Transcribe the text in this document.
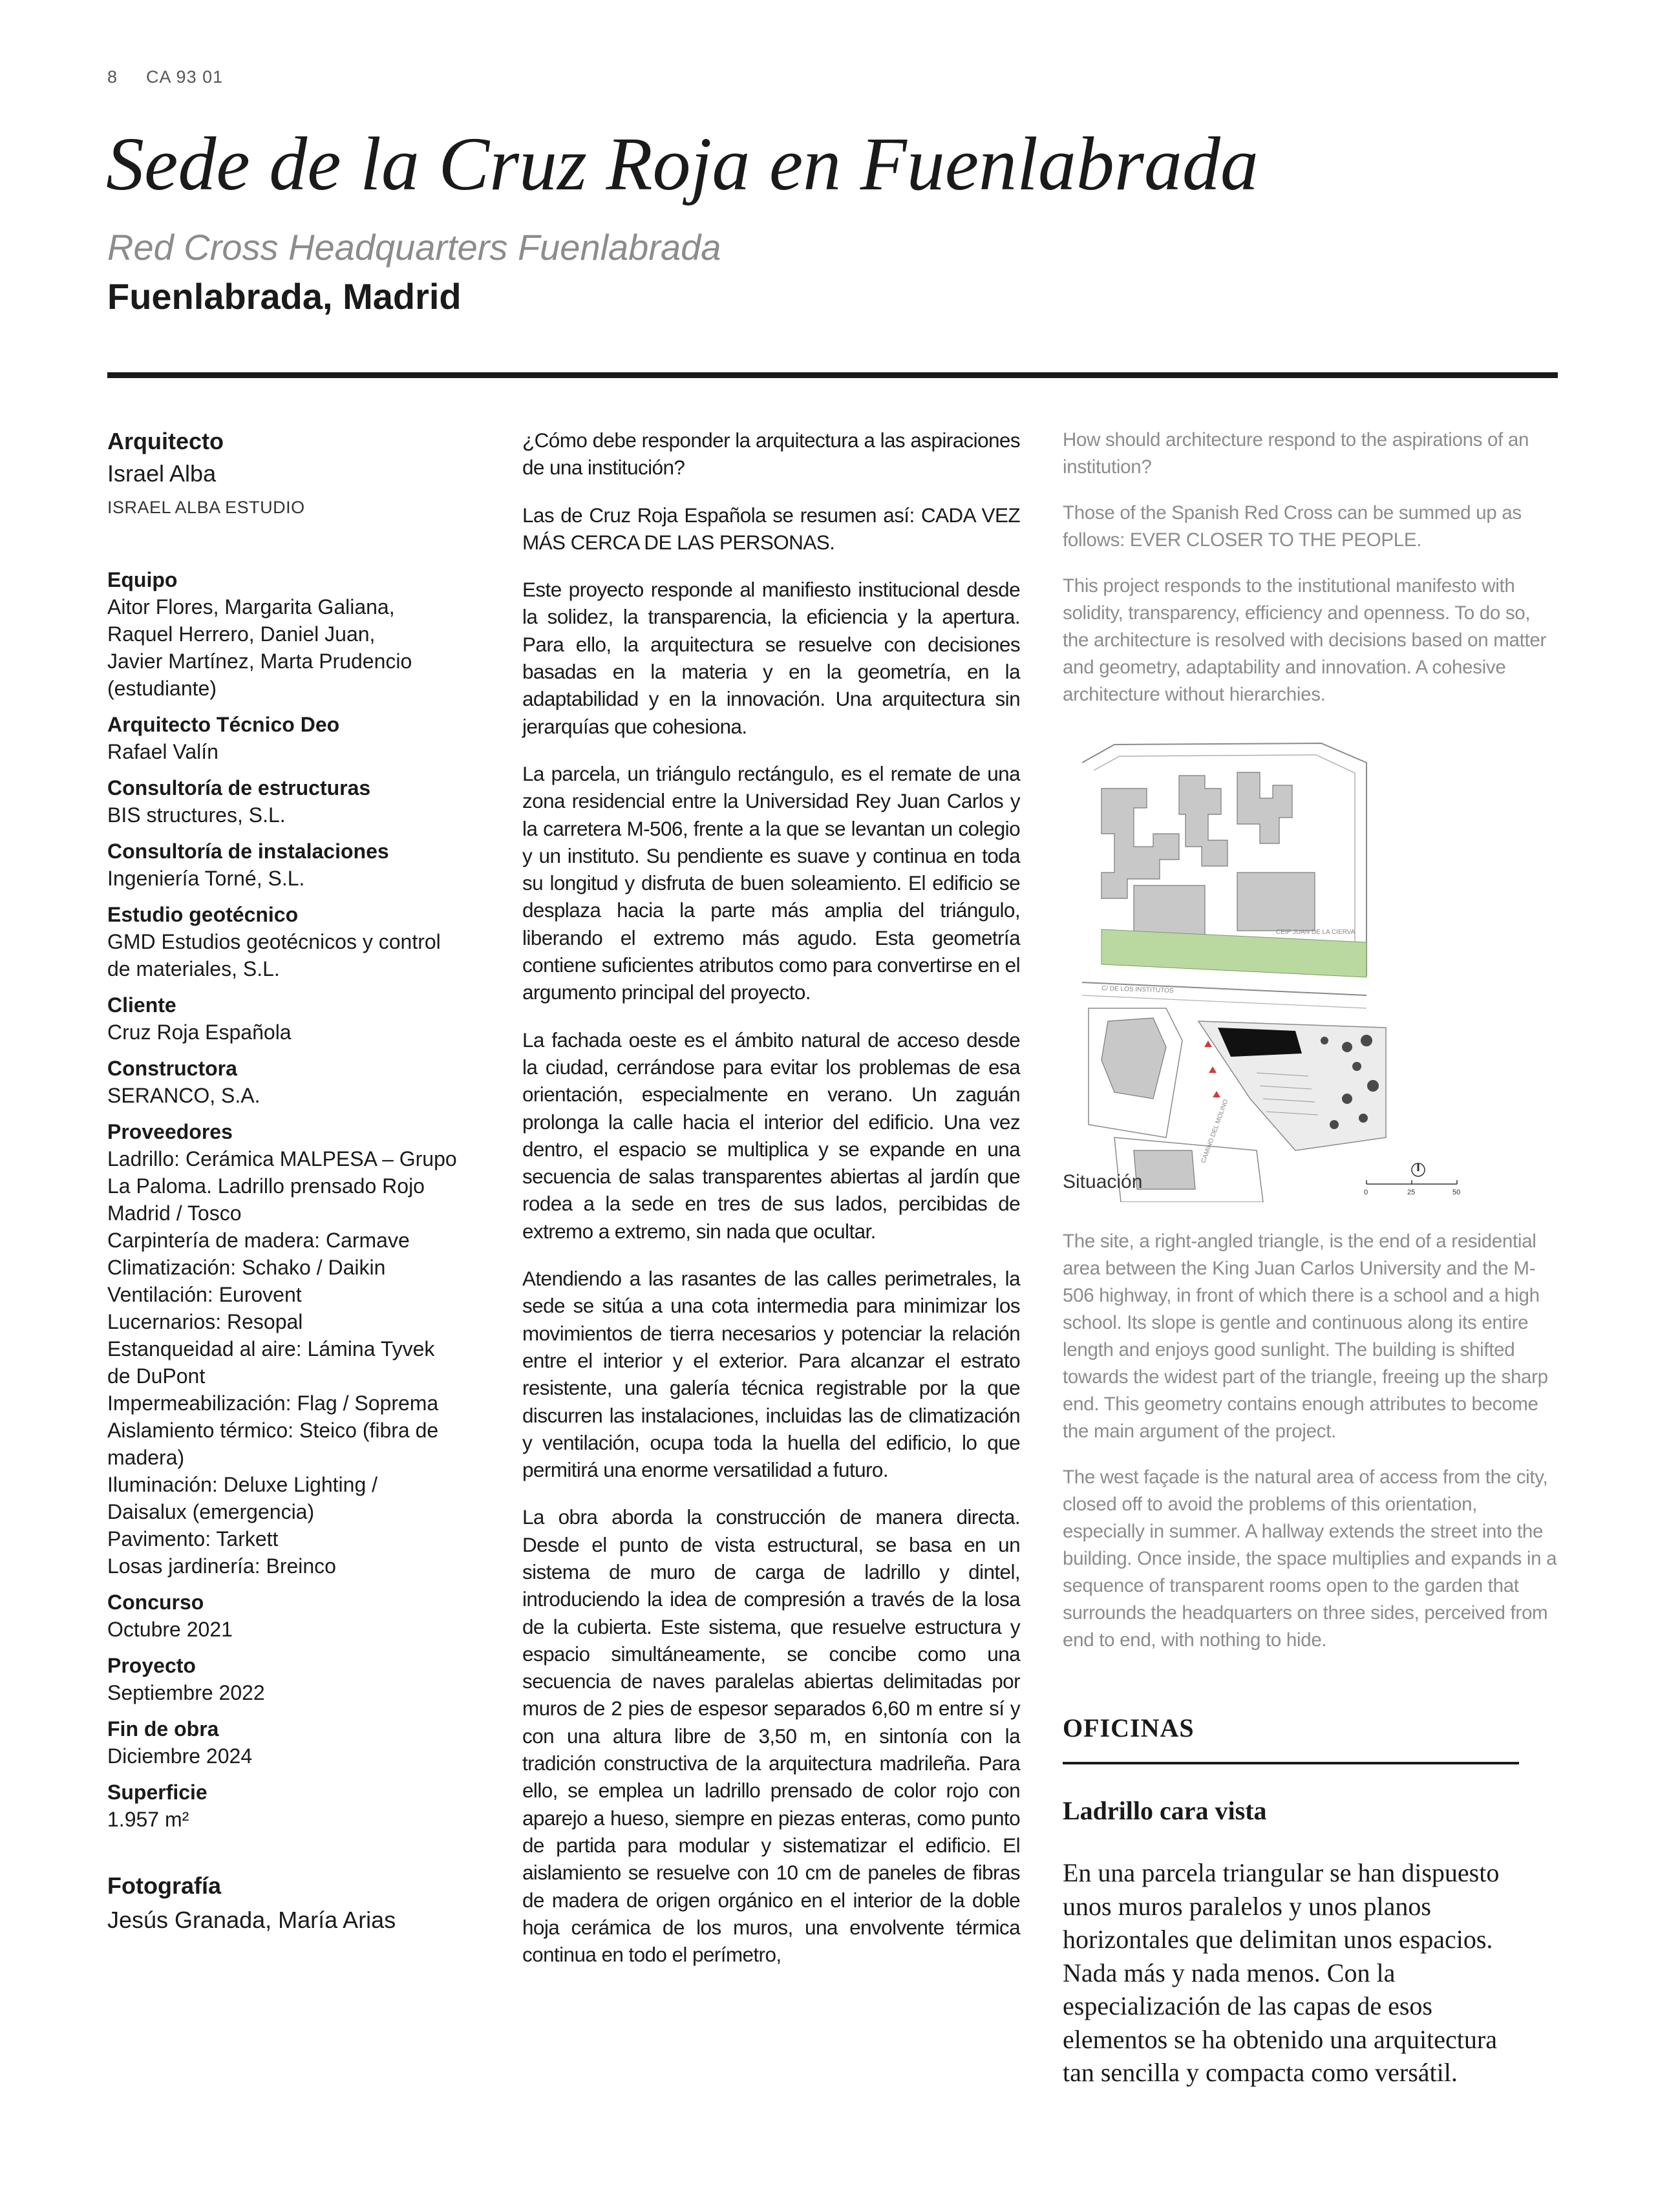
8 CA 93 01
Sede de la Cruz Roja en Fuenlabrada
Red Cross Headquarters Fuenlabrada
Fuenlabrada, Madrid

Arquitecto

Israel Alba

ISRAEL ALBA ESTUDIO

Equipo

Aitor Flores, Margarita Galiana,
Raquel Herrero, Daniel Juan,
Javier Martínez, Marta Prudencio
(estudiante)

Arquitecto Técnico Deo

Rafael Valín

Consultoría de estructuras

BIS structures, S.L.

Consultoría de instalaciones

Ingeniería Torné, S.L.

Estudio geotécnico

GMD Estudios geotécnicos y control
de materiales, S.L.

Cliente

Cruz Roja Española

Constructora

SERANCO, S.A.

Proveedores

Ladrillo: Cerámica MALPESA – Grupo
La Paloma. Ladrillo prensado Rojo
Madrid / Tosco
Carpintería de madera: Carmave
Climatización: Schako / Daikin
Ventilación: Eurovent
Lucernarios: Resopal
Estanqueidad al aire: Lámina Tyvek
de DuPont
Impermeabilización: Flag / Soprema
Aislamiento térmico: Steico (fibra de
madera)
Iluminación: Deluxe Lighting /
Daisalux (emergencia)
Pavimento: Tarkett
Losas jardinería: Breinco

Concurso

Octubre 2021

Proyecto

Septiembre 2022

Fin de obra

Diciembre 2024

Superficie

1.957 m²

Fotografía

Jesús Granada, María Arias

¿Cómo debe responder la arquitectura a las aspiraciones de una institución?

Las de Cruz Roja Española se resumen así: CADA VEZ MÁS CERCA DE LAS PERSONAS.

Este proyecto responde al manifiesto institucional desde la solidez, la transparencia, la eficiencia y la apertura. Para ello, la arquitectura se resuelve con decisiones basadas en la materia y en la geometría, en la adaptabilidad y en la innovación. Una arquitectura sin jerarquías que cohesiona.

La parcela, un triángulo rectángulo, es el remate de una zona residencial entre la Universidad Rey Juan Carlos y la carretera M-506, frente a la que se levantan un colegio y un instituto. Su pendiente es suave y continua en toda su longitud y disfruta de buen soleamiento. El edificio se desplaza hacia la parte más amplia del triángulo, liberando el extremo más agudo. Esta geometría contiene suficientes atributos como para convertirse en el argumento principal del proyecto.

La fachada oeste es el ámbito natural de acceso desde la ciudad, cerrándose para evitar los problemas de esa orientación, especialmente en verano. Un zaguán prolonga la calle hacia el interior del edificio. Una vez dentro, el espacio se multiplica y se expande en una secuencia de salas transparentes abiertas al jardín que rodea a la sede en tres de sus lados, percibidas de extremo a extremo, sin nada que ocultar.

Atendiendo a las rasantes de las calles perimetrales, la sede se sitúa a una cota intermedia para minimizar los movimientos de tierra necesarios y potenciar la relación entre el interior y el exterior. Para alcanzar el estrato resistente, una galería técnica registrable por la que discurren las instalaciones, incluidas las de climatización y ventilación, ocupa toda la huella del edificio, lo que permitirá una enorme versatilidad a futuro.

La obra aborda la construcción de manera directa. Desde el punto de vista estructural, se basa en un sistema de muro de carga de ladrillo y dintel, introduciendo la idea de compresión a través de la losa de la cubierta. Este sistema, que resuelve estructura y espacio simultáneamente, se concibe como una secuencia de naves paralelas abiertas delimitadas por muros de 2 pies de espesor separados 6,60 m entre sí y con una altura libre de 3,50 m, en sintonía con la tradición constructiva de la arquitectura madrileña. Para ello, se emplea un ladrillo prensado de color rojo con aparejo a hueso, siempre en piezas enteras, como punto de partida para modular y sistematizar el edificio. El aislamiento se resuelve con 10 cm de paneles de fibras de madera de origen orgánico en el interior de la doble hoja cerámica de los muros, una envolvente térmica continua en todo el perímetro,

How should architecture respond to the aspirations of an institution?

Those of the Spanish Red Cross can be summed up as follows: EVER CLOSER TO THE PEOPLE.

This project responds to the institutional manifesto with solidity, transparency, efficiency and openness. To do so, the architecture is resolved with decisions based on matter and geometry, adaptability and innovation. A cohesive architecture without hierarchies.

CEIP JUAN DE LA CIERVA
C/ DE LOS INSTITUTOS
CAMINO DEL MOLINO
0	25	50
Situación

The site, a right-angled triangle, is the end of a residential area between the King Juan Carlos University and the M-506 highway, in front of which there is a school and a high school. Its slope is gentle and continuous along its entire length and enjoys good sunlight. The building is shifted towards the widest part of the triangle, freeing up the sharp end. This geometry contains enough attributes to become the main argument of the project.

The west façade is the natural area of access from the city, closed off to avoid the problems of this orientation, especially in summer. A hallway extends the street into the building. Once inside, the space multiplies and expands in a sequence of transparent rooms open to the garden that surrounds the headquarters on three sides, perceived from end to end, with nothing to hide.

OFICINAS
Ladrillo cara vista

En una parcela triangular se han dispuesto unos muros paralelos y unos planos horizontales que delimitan unos espacios. Nada más y nada menos. Con la especialización de las capas de esos elementos se ha obtenido una arquitectura tan sencilla y compacta como versátil.
